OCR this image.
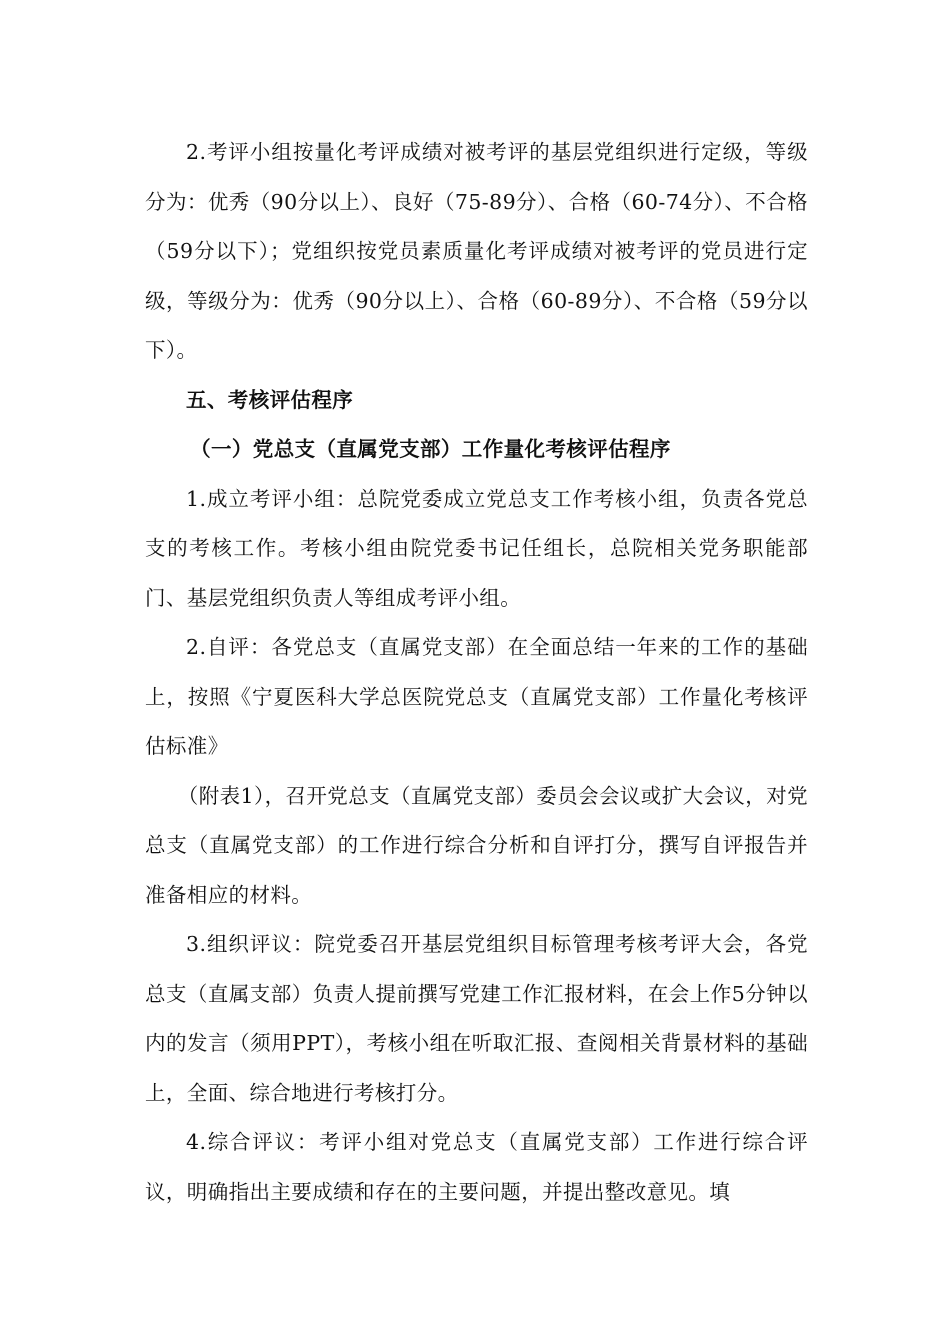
2.考评小组按量化考评成绩对被考评的基层党组织进行定级，等级分为：优秀（90分以上）、良好（75-89分）、合格（60-74分）、不合格（59分以下）；党组织按党员素质量化考评成绩对被考评的党员进行定级，等级分为：优秀（90分以上）、合格（60-89分）、不合格（59分以下）。

五、考核评估程序

（一）党总支（直属党支部）工作量化考核评估程序

1.成立考评小组：总院党委成立党总支工作考核小组，负责各党总支的考核工作。考核小组由院党委书记任组长，总院相关党务职能部门、基层党组织负责人等组成考评小组。

2.自评：各党总支（直属党支部）在全面总结一年来的工作的基础上，按照《宁夏医科大学总医院党总支（直属党支部）工作量化考核评估标准》

（附表1），召开党总支（直属党支部）委员会会议或扩大会议，对党总支（直属党支部）的工作进行综合分析和自评打分，撰写自评报告并准备相应的材料。

3.组织评议：院党委召开基层党组织目标管理考核考评大会，各党总支（直属支部）负责人提前撰写党建工作汇报材料，在会上作5分钟以内的发言（须用PPT），考核小组在听取汇报、查阅相关背景材料的基础上，全面、综合地进行考核打分。

4.综合评议：考评小组对党总支（直属党支部）工作进行综合评议，明确指出主要成绩和存在的主要问题，并提出整改意见。填
